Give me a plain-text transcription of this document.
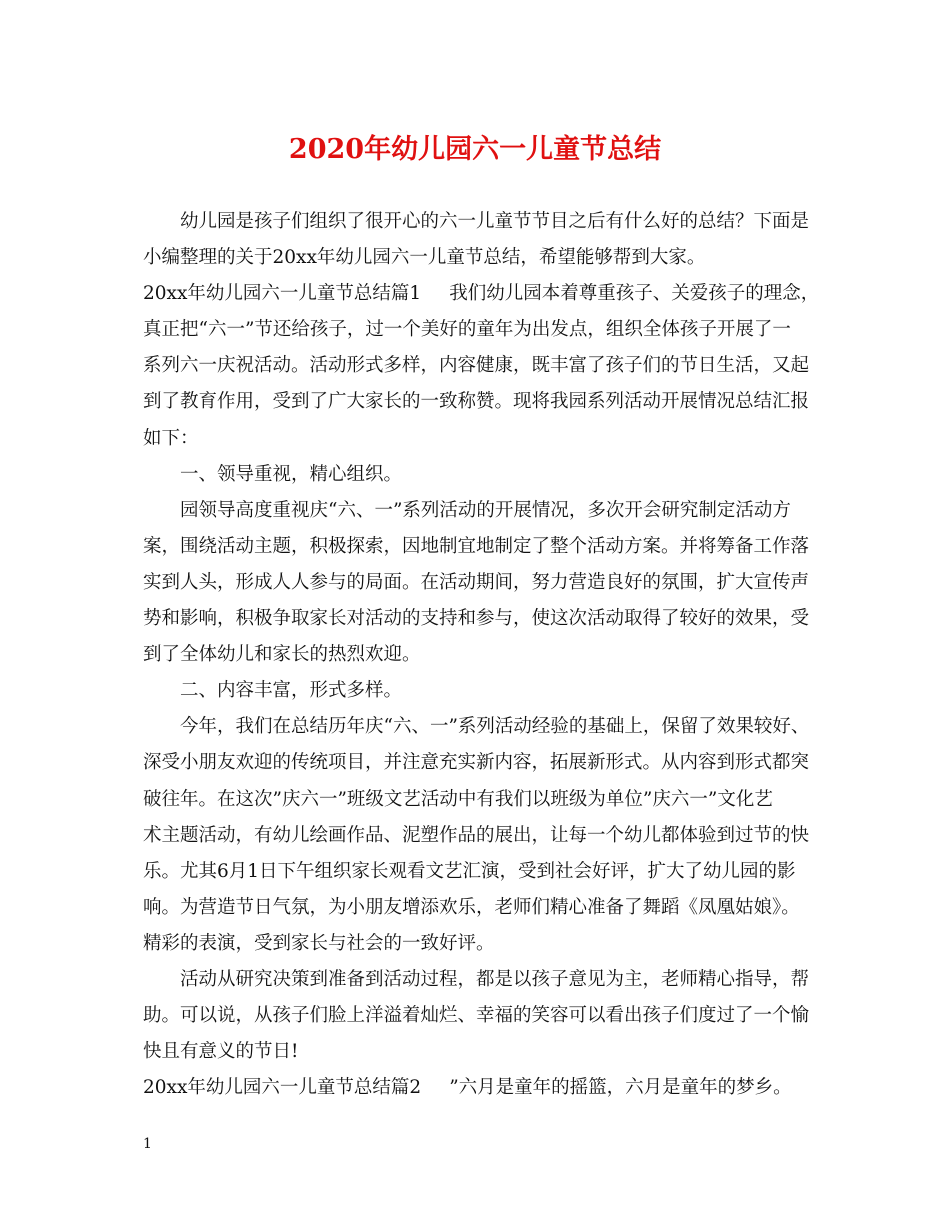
2020年幼儿园六一儿童节总结
幼儿园是孩子们组织了很开心的六一儿童节节目之后有什么好的总结？下面是
小编整理的关于20xx年幼儿园六一儿童节总结，希望能够帮到大家。
20xx年幼儿园六一儿童节总结篇1 我们幼儿园本着尊重孩子、关爱孩子的理念，
真正把“六一”节还给孩子，过一个美好的童年为出发点，组织全体孩子开展了一
系列六一庆祝活动。活动形式多样，内容健康，既丰富了孩子们的节日生活，又起
到了教育作用，受到了广大家长的一致称赞。现将我园系列活动开展情况总结汇报
如下：
一、领导重视，精心组织。
园领导高度重视庆“六、一”系列活动的开展情况，多次开会研究制定活动方
案，围绕活动主题，积极探索，因地制宜地制定了整个活动方案。并将筹备工作落
实到人头，形成人人参与的局面。在活动期间，努力营造良好的氛围，扩大宣传声
势和影响，积极争取家长对活动的支持和参与，使这次活动取得了较好的效果，受
到了全体幼儿和家长的热烈欢迎。
二、内容丰富，形式多样。
今年，我们在总结历年庆“六、一”系列活动经验的基础上，保留了效果较好、
深受小朋友欢迎的传统项目，并注意充实新内容，拓展新形式。从内容到形式都突
破往年。在这次”庆六一”班级文艺活动中有我们以班级为单位”庆六一”文化艺
术主题活动，有幼儿绘画作品、泥塑作品的展出，让每一个幼儿都体验到过节的快
乐。尤其6月1日下午组织家长观看文艺汇演，受到社会好评，扩大了幼儿园的影
响。为营造节日气氛，为小朋友增添欢乐，老师们精心准备了舞蹈《凤凰姑娘》。
精彩的表演，受到家长与社会的一致好评。
活动从研究决策到准备到活动过程，都是以孩子意见为主，老师精心指导，帮
助。可以说，从孩子们脸上洋溢着灿烂、幸福的笑容可以看出孩子们度过了一个愉
快且有意义的节日!
20xx年幼儿园六一儿童节总结篇2 ”六月是童年的摇篮，六月是童年的梦乡。
1
